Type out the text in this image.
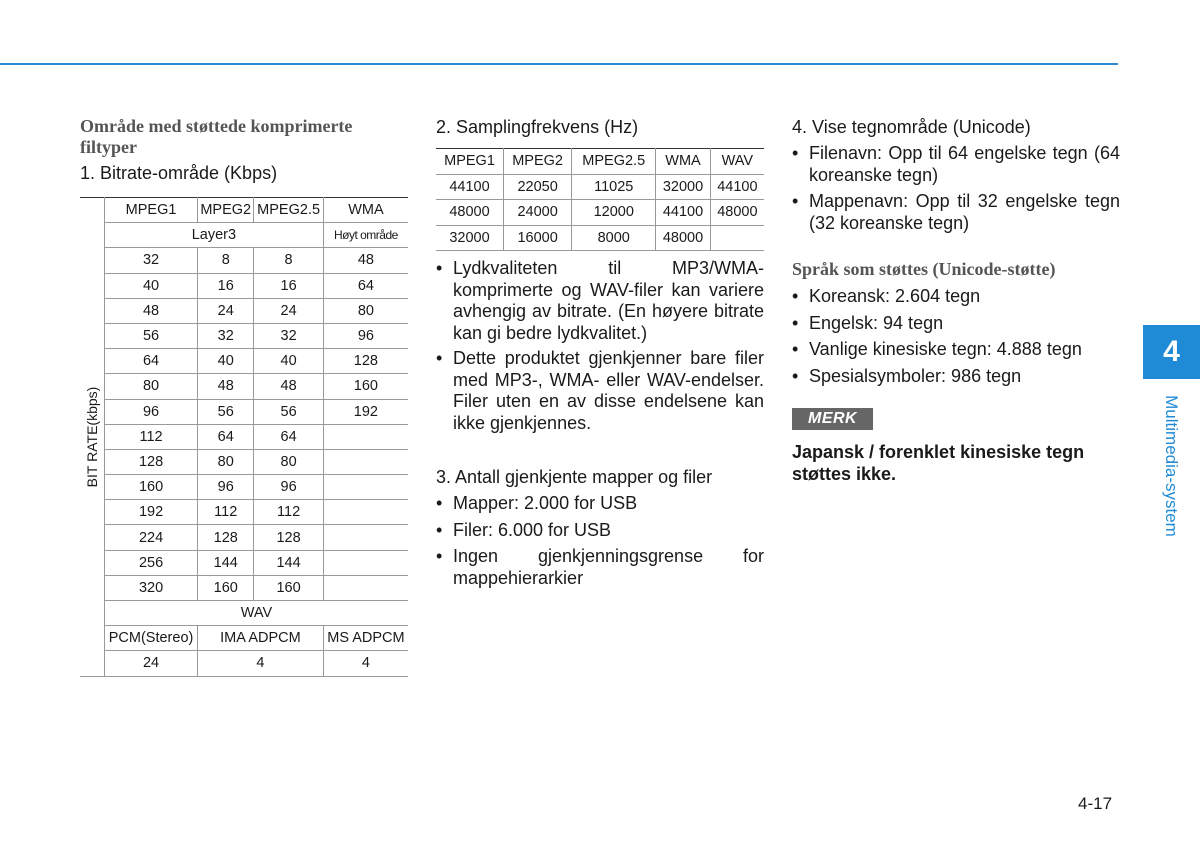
Område med støttede komprimerte filtyper

1. Bitrate-område (Kbps)

BIT RATE(kbps)	MPEG1	MPEG2	MPEG2.5	WMA
	Layer3			Høyt område
	32	8	8	48
	40	16	16	64
	48	24	24	80
	56	32	32	96
	64	40	40	128
	80	48	48	160
	96	56	56	192
	112	64	64	
	128	80	80	
	160	96	96	
	192	112	112	
	224	128	128	
	256	144	144	
	320	160	160	
	WAV			
	PCM(Stereo)	IMA ADPCM		MS ADPCM
	24	4		4

2. Samplingfrekvens (Hz)

MPEG1	MPEG2	MPEG2.5	WMA	WAV
44100	22050	11025	32000	44100
48000	24000	12000	44100	48000
32000	16000	8000	48000	

• Lydkvaliteten til MP3/WMA-komprimerte og WAV-filer kan variere avhengig av bitrate. (En høyere bitrate kan gi bedre lydkvalitet.)

• Dette produktet gjenkjenner bare filer med MP3-, WMA- eller WAV-endelser. Filer uten en av disse endelsene kan ikke gjenkjennes.

3. Antall gjenkjente mapper og filer

• Mapper: 2.000 for USB

• Filer: 6.000 for USB

• Ingen gjenkjenningsgrense for mappehierarkier

4. Vise tegnområde (Unicode)

• Filenavn: Opp til 64 engelske tegn (64 koreanske tegn)

• Mappenavn: Opp til 32 engelske tegn (32 koreanske tegn)

Språk som støttes (Unicode-støtte)

• Koreansk: 2.604 tegn

• Engelsk: 94 tegn

• Vanlige kinesiske tegn: 4.888 tegn

• Spesialsymboler: 986 tegn

MERK

Japansk / forenklet kinesiske tegn støttes ikke.

4
Multimedia-system
4-17
